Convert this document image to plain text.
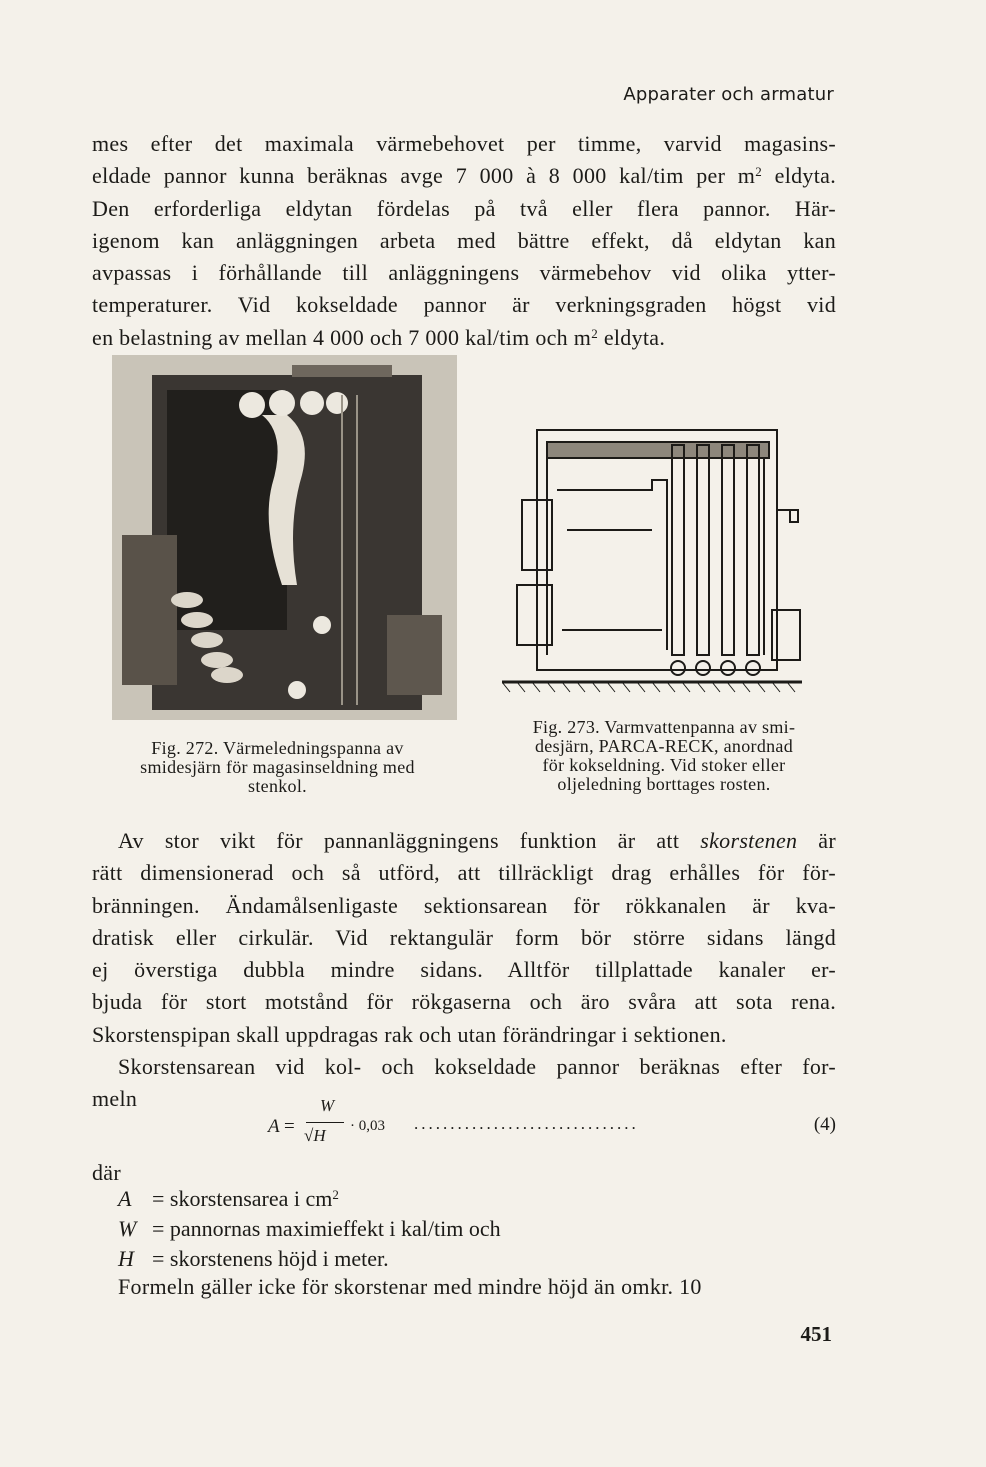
Apparater och armatur
mes efter det maximala värmebehovet per timme, varvid magasins-
eldade pannor kunna beräknas avge 7 000 à 8 000 kal/tim per $m^2$ eldyta.
Den erforderliga eldytan fördelas på två eller flera pannor. Här-
igenom kan anläggningen arbeta med bättre effekt, då eldytan kan
avpassas i förhållande till anläggningens värmebehov vid olika ytter-
temperaturer. Vid kokseldade pannor är verkningsgraden högst vid
en belastning av mellan 4 000 och 7 000 kal/tim och $m^2$ eldyta.
Fig. 272. Värmeledningspanna av
smidesjärn för magasinseldning med
stenkol.
Fig. 273. Varmvattenpanna av smi-
desjärn, PARCA-RECK, anordnad
för kokseldning. Vid stoker eller
oljeledning borttages rosten.
Av stor vikt för pannanläggningens funktion är att skorstenen är
rätt dimensionerad och så utförd, att tillräckligt drag erhålles för för-
bränningen. Ändamålsenligaste sektionsarean för rökkanalen är kva-
dratisk eller cirkulär. Vid rektangulär form bör större sidans längd
ej överstiga dubbla mindre sidans. Alltför tillplattade kanaler er-
bjuda för stort motstånd för rökgaserna och äro svåra att sota rena.
Skorstenspipan skall uppdragas rak och utan förändringar i sektionen.
Skorstensarean vid kol- och kokseldade pannor beräknas efter for-
meln
A =
W
√H · 0,03 ...............................	(4)
där
A = skorstensarea i $cm^2$
W = pannornas maximieffekt i kal/tim och
H = skorstenens höjd i meter.
Formeln gäller icke för skorstenar med mindre höjd än omkr. 10
451
